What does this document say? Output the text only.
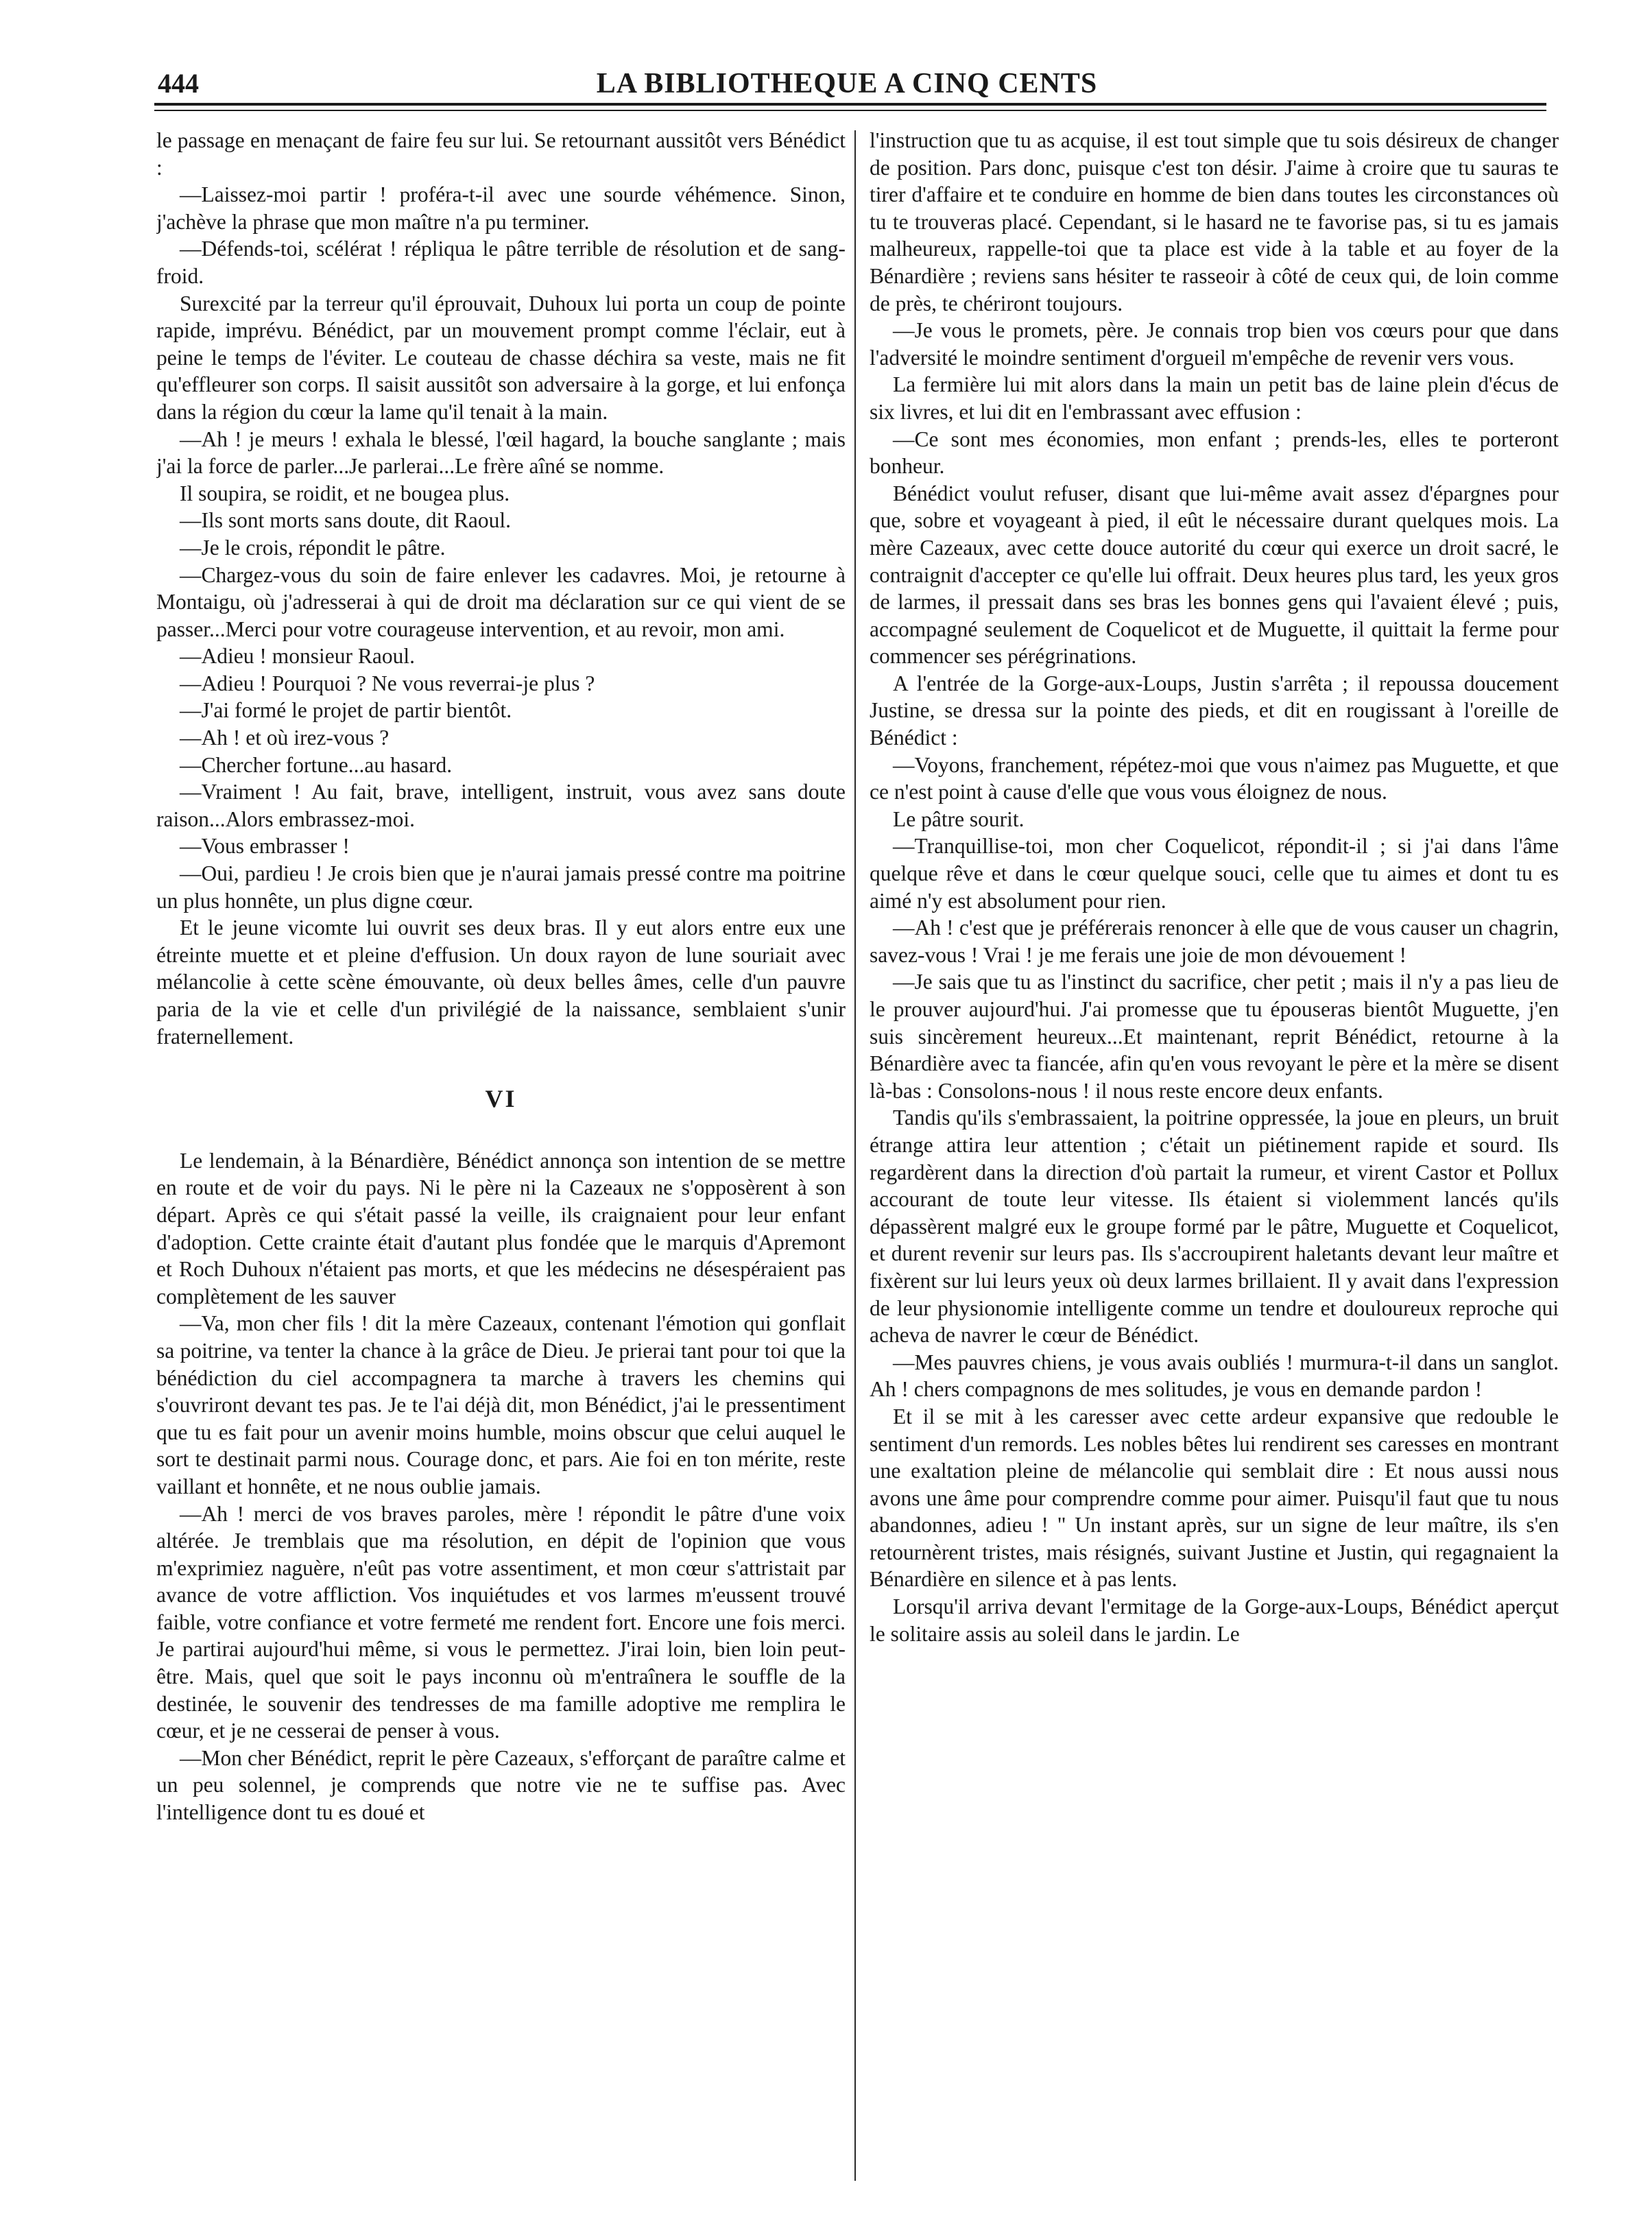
444	LA BIBLIOTHEQUE A CINQ CENTS

le passage en menaçant de faire feu sur lui. Se retournant aussitôt vers Bénédict :

—Laissez-moi partir ! proféra-t-il avec une sourde véhémence. Sinon, j'achève la phrase que mon maître n'a pu terminer.

—Défends-toi, scélérat ! répliqua le pâtre terrible de résolution et de sang-froid.

Surexcité par la terreur qu'il éprouvait, Duhoux lui porta un coup de pointe rapide, imprévu. Bénédict, par un mouvement prompt comme l'éclair, eut à peine le temps de l'éviter. Le couteau de chasse déchira sa veste, mais ne fit qu'effleurer son corps. Il saisit aussitôt son adversaire à la gorge, et lui enfonça dans la région du cœur la lame qu'il tenait à la main.

—Ah ! je meurs ! exhala le blessé, l'œil hagard, la bouche sanglante ; mais j'ai la force de parler...Je parlerai...Le frère aîné se nomme.

Il soupira, se roidit, et ne bougea plus.

—Ils sont morts sans doute, dit Raoul.

—Je le crois, répondit le pâtre.

—Chargez-vous du soin de faire enlever les cadavres. Moi, je retourne à Montaigu, où j'adresserai à qui de droit ma déclaration sur ce qui vient de se passer...Merci pour votre courageuse intervention, et au revoir, mon ami.

—Adieu ! monsieur Raoul.

—Adieu ! Pourquoi ? Ne vous reverrai-je plus ?

—J'ai formé le projet de partir bientôt.

—Ah ! et où irez-vous ?

—Chercher fortune...au hasard.

—Vraiment ! Au fait, brave, intelligent, instruit, vous avez sans doute raison...Alors embrassez-moi.

—Vous embrasser !

—Oui, pardieu ! Je crois bien que je n'aurai jamais pressé contre ma poitrine un plus honnête, un plus digne cœur.

Et le jeune vicomte lui ouvrit ses deux bras. Il y eut alors entre eux une étreinte muette et et pleine d'effusion. Un doux rayon de lune souriait avec mélancolie à cette scène émouvante, où deux belles âmes, celle d'un pauvre paria de la vie et celle d'un privilégié de la naissance, semblaient s'unir fraternellement.

VI

Le lendemain, à la Bénardière, Bénédict annonça son intention de se mettre en route et de voir du pays. Ni le père ni la Cazeaux ne s'opposèrent à son départ. Après ce qui s'était passé la veille, ils craignaient pour leur enfant d'adoption. Cette crainte était d'autant plus fondée que le marquis d'Apremont et Roch Duhoux n'étaient pas morts, et que les médecins ne désespéraient pas complètement de les sauver

—Va, mon cher fils ! dit la mère Cazeaux, contenant l'émotion qui gonflait sa poitrine, va tenter la chance à la grâce de Dieu. Je prierai tant pour toi que la bénédiction du ciel accompagnera ta marche à travers les chemins qui s'ouvriront devant tes pas. Je te l'ai déjà dit, mon Bénédict, j'ai le pressentiment que tu es fait pour un avenir moins humble, moins obscur que celui auquel le sort te destinait parmi nous. Courage donc, et pars. Aie foi en ton mérite, reste vaillant et honnête, et ne nous oublie jamais.

—Ah ! merci de vos braves paroles, mère ! répondit le pâtre d'une voix altérée. Je tremblais que ma résolution, en dépit de l'opinion que vous m'exprimiez naguère, n'eût pas votre assentiment, et mon cœur s'attristait par avance de votre affliction. Vos inquiétudes et vos larmes m'eussent trouvé faible, votre confiance et votre fermeté me rendent fort. Encore une fois merci. Je partirai aujourd'hui même, si vous le permettez. J'irai loin, bien loin peut-être. Mais, quel que soit le pays inconnu où m'entraînera le souffle de la destinée, le souvenir des tendresses de ma famille adoptive me remplira le cœur, et je ne cesserai de penser à vous.

—Mon cher Bénédict, reprit le père Cazeaux, s'efforçant de paraître calme et un peu solennel, je comprends que notre vie ne te suffise pas. Avec l'intelligence dont tu es doué et

l'instruction que tu as acquise, il est tout simple que tu sois désireux de changer de position. Pars donc, puisque c'est ton désir. J'aime à croire que tu sauras te tirer d'affaire et te conduire en homme de bien dans toutes les circonstances où tu te trouveras placé. Cependant, si le hasard ne te favorise pas, si tu es jamais malheureux, rappelle-toi que ta place est vide à la table et au foyer de la Bénardière ; reviens sans hésiter te rasseoir à côté de ceux qui, de loin comme de près, te chériront toujours.

—Je vous le promets, père. Je connais trop bien vos cœurs pour que dans l'adversité le moindre sentiment d'orgueil m'empêche de revenir vers vous.

La fermière lui mit alors dans la main un petit bas de laine plein d'écus de six livres, et lui dit en l'embrassant avec effusion :

—Ce sont mes économies, mon enfant ; prends-les, elles te porteront bonheur.

Bénédict voulut refuser, disant que lui-même avait assez d'épargnes pour que, sobre et voyageant à pied, il eût le nécessaire durant quelques mois. La mère Cazeaux, avec cette douce autorité du cœur qui exerce un droit sacré, le contraignit d'accepter ce qu'elle lui offrait. Deux heures plus tard, les yeux gros de larmes, il pressait dans ses bras les bonnes gens qui l'avaient élevé ; puis, accompagné seulement de Coquelicot et de Muguette, il quittait la ferme pour commencer ses pérégrinations.

A l'entrée de la Gorge-aux-Loups, Justin s'arrêta ; il repoussa doucement Justine, se dressa sur la pointe des pieds, et dit en rougissant à l'oreille de Bénédict :

—Voyons, franchement, répétez-moi que vous n'aimez pas Muguette, et que ce n'est point à cause d'elle que vous vous éloignez de nous.

Le pâtre sourit.

—Tranquillise-toi, mon cher Coquelicot, répondit-il ; si j'ai dans l'âme quelque rêve et dans le cœur quelque souci, celle que tu aimes et dont tu es aimé n'y est absolument pour rien.

—Ah ! c'est que je préférerais renoncer à elle que de vous causer un chagrin, savez-vous ! Vrai ! je me ferais une joie de mon dévouement !

—Je sais que tu as l'instinct du sacrifice, cher petit ; mais il n'y a pas lieu de le prouver aujourd'hui. J'ai promesse que tu épouseras bientôt Muguette, j'en suis sincèrement heureux...Et maintenant, reprit Bénédict, retourne à la Bénardière avec ta fiancée, afin qu'en vous revoyant le père et la mère se disent là-bas : Consolons-nous ! il nous reste encore deux enfants.

Tandis qu'ils s'embrassaient, la poitrine oppressée, la joue en pleurs, un bruit étrange attira leur attention ; c'était un piétinement rapide et sourd. Ils regardèrent dans la direction d'où partait la rumeur, et virent Castor et Pollux accourant de toute leur vitesse. Ils étaient si violemment lancés qu'ils dépassèrent malgré eux le groupe formé par le pâtre, Muguette et Coquelicot, et durent revenir sur leurs pas. Ils s'accroupirent haletants devant leur maître et fixèrent sur lui leurs yeux où deux larmes brillaient. Il y avait dans l'expression de leur physionomie intelligente comme un tendre et douloureux reproche qui acheva de navrer le cœur de Bénédict.

—Mes pauvres chiens, je vous avais oubliés ! murmura-t-il dans un sanglot. Ah ! chers compagnons de mes solitudes, je vous en demande pardon !

Et il se mit à les caresser avec cette ardeur expansive que redouble le sentiment d'un remords. Les nobles bêtes lui rendirent ses caresses en montrant une exaltation pleine de mélancolie qui semblait dire : Et nous aussi nous avons une âme pour comprendre comme pour aimer. Puisqu'il faut que tu nous abandonnes, adieu ! " Un instant après, sur un signe de leur maître, ils s'en retournèrent tristes, mais résignés, suivant Justine et Justin, qui regagnaient la Bénardière en silence et à pas lents.

Lorsqu'il arriva devant l'ermitage de la Gorge-aux-Loups, Bénédict aperçut le solitaire assis au soleil dans le jardin. Le
